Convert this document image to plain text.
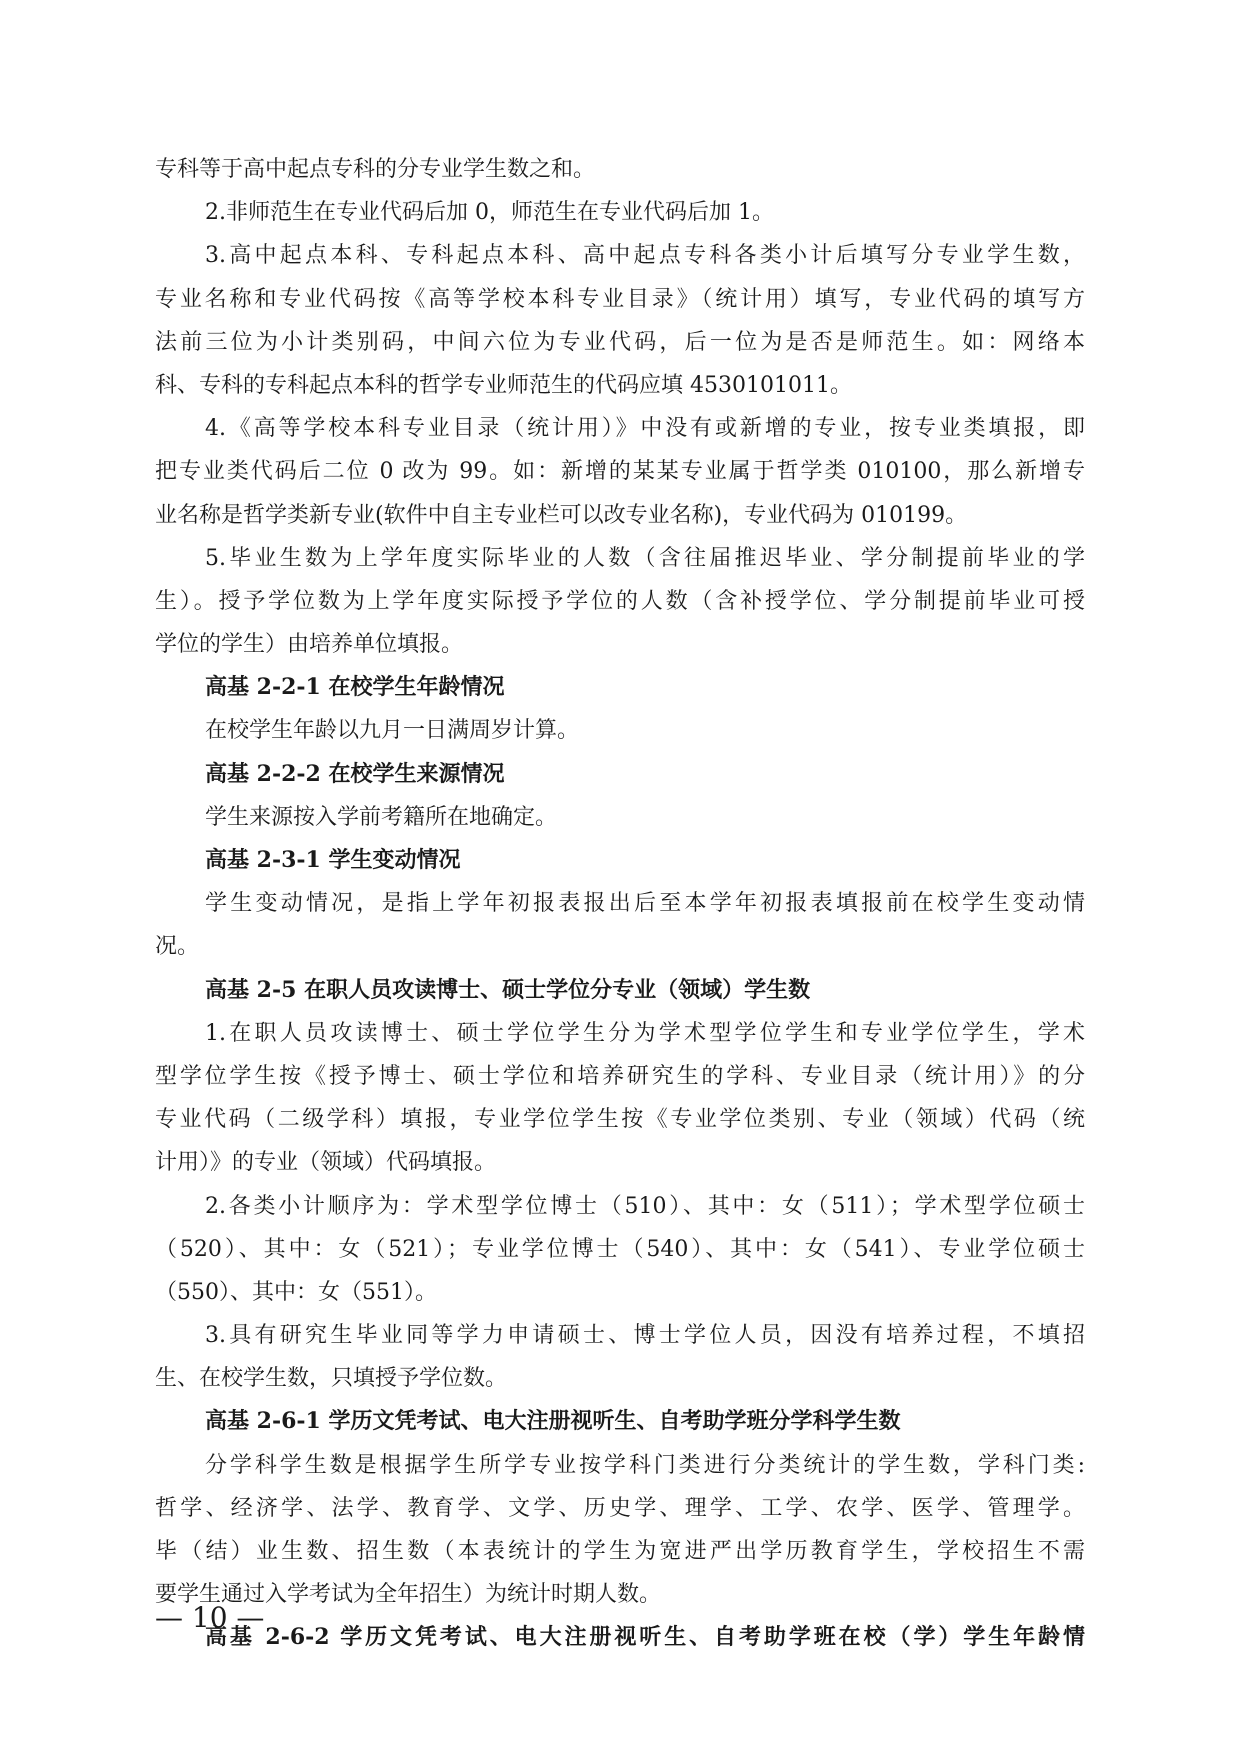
专科等于高中起点专科的分专业学生数之和。
2.非师范生在专业代码后加 0，师范生在专业代码后加 1。
3.高中起点本科、专科起点本科、高中起点专科各类小计后填写分专业学生数，
专业名称和专业代码按《高等学校本科专业目录》（统计用）填写，专业代码的填写方
法前三位为小计类别码，中间六位为专业代码，后一位为是否是师范生。如：网络本
科、专科的专科起点本科的哲学专业师范生的代码应填 4530101011。
4.《高等学校本科专业目录（统计用）》中没有或新增的专业，按专业类填报，即
把专业类代码后二位 0 改为 99。如：新增的某某专业属于哲学类 010100，那么新增专
业名称是哲学类新专业(软件中自主专业栏可以改专业名称)，专业代码为 010199。
5.毕业生数为上学年度实际毕业的人数（含往届推迟毕业、学分制提前毕业的学
生）。授予学位数为上学年度实际授予学位的人数（含补授学位、学分制提前毕业可授
学位的学生）由培养单位填报。
高基 2-2-1 在校学生年龄情况
在校学生年龄以九月一日满周岁计算。
高基 2-2-2 在校学生来源情况
学生来源按入学前考籍所在地确定。
高基 2-3-1 学生变动情况
学生变动情况，是指上学年初报表报出后至本学年初报表填报前在校学生变动情
况。
高基 2-5 在职人员攻读博士、硕士学位分专业（领域）学生数
1.在职人员攻读博士、硕士学位学生分为学术型学位学生和专业学位学生，学术
型学位学生按《授予博士、硕士学位和培养研究生的学科、专业目录（统计用）》的分
专业代码（二级学科）填报，专业学位学生按《专业学位类别、专业（领域）代码（统
计用）》的专业（领域）代码填报。
2.各类小计顺序为：学术型学位博士（510）、其中：女（511）；学术型学位硕士
（520）、其中：女（521）；专业学位博士（540）、其中：女（541）、专业学位硕士
（550）、其中：女（551）。
3.具有研究生毕业同等学力申请硕士、博士学位人员，因没有培养过程，不填招
生、在校学生数，只填授予学位数。
高基 2-6-1 学历文凭考试、电大注册视听生、自考助学班分学科学生数
分学科学生数是根据学生所学专业按学科门类进行分类统计的学生数，学科门类:
哲学、经济学、法学、教育学、文学、历史学、理学、工学、农学、医学、管理学。
毕（结）业生数、招生数（本表统计的学生为宽进严出学历教育学生，学校招生不需
要学生通过入学考试为全年招生）为统计时期人数。
高基 2-6-2 学历文凭考试、电大注册视听生、自考助学班在校（学）学生年龄情
— 10 —
